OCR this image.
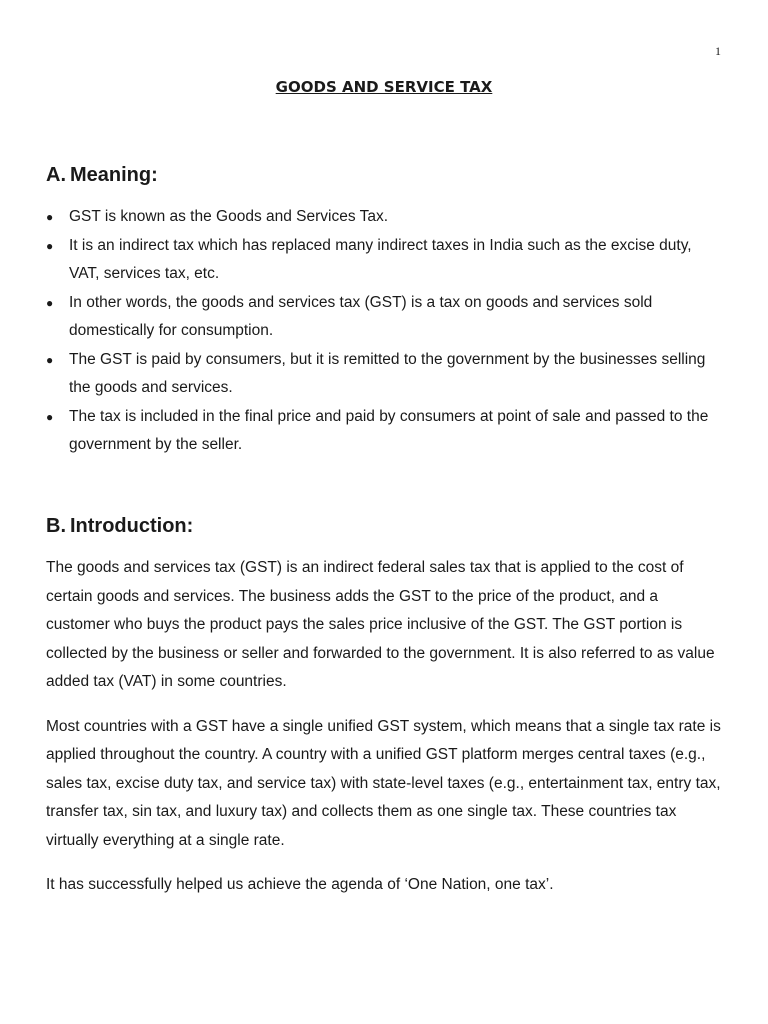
1
GOODS AND SERVICE TAX
A. Meaning:
● GST is known as the Goods and Services Tax.
● It is an indirect tax which has replaced many indirect taxes in India such as the excise duty, VAT, services tax, etc.
● In other words, the goods and services tax (GST) is a tax on goods and services sold domestically for consumption.
● The GST is paid by consumers, but it is remitted to the government by the businesses selling the goods and services.
● The tax is included in the final price and paid by consumers at point of sale and passed to the government by the seller.
B. Introduction:

The goods and services tax (GST) is an indirect federal sales tax that is applied to the cost of certain goods and services. The business adds the GST to the price of the product, and a customer who buys the product pays the sales price inclusive of the GST. The GST portion is collected by the business or seller and forwarded to the government. It is also referred to as value added tax (VAT) in some countries.

Most countries with a GST have a single unified GST system, which means that a single tax rate is applied throughout the country. A country with a unified GST platform merges central taxes (e.g., sales tax, excise duty tax, and service tax) with state-level taxes (e.g., entertainment tax, entry tax, transfer tax, sin tax, and luxury tax) and collects them as one single tax. These countries tax virtually everything at a single rate.

It has successfully helped us achieve the agenda of ‘One Nation, one tax’.
